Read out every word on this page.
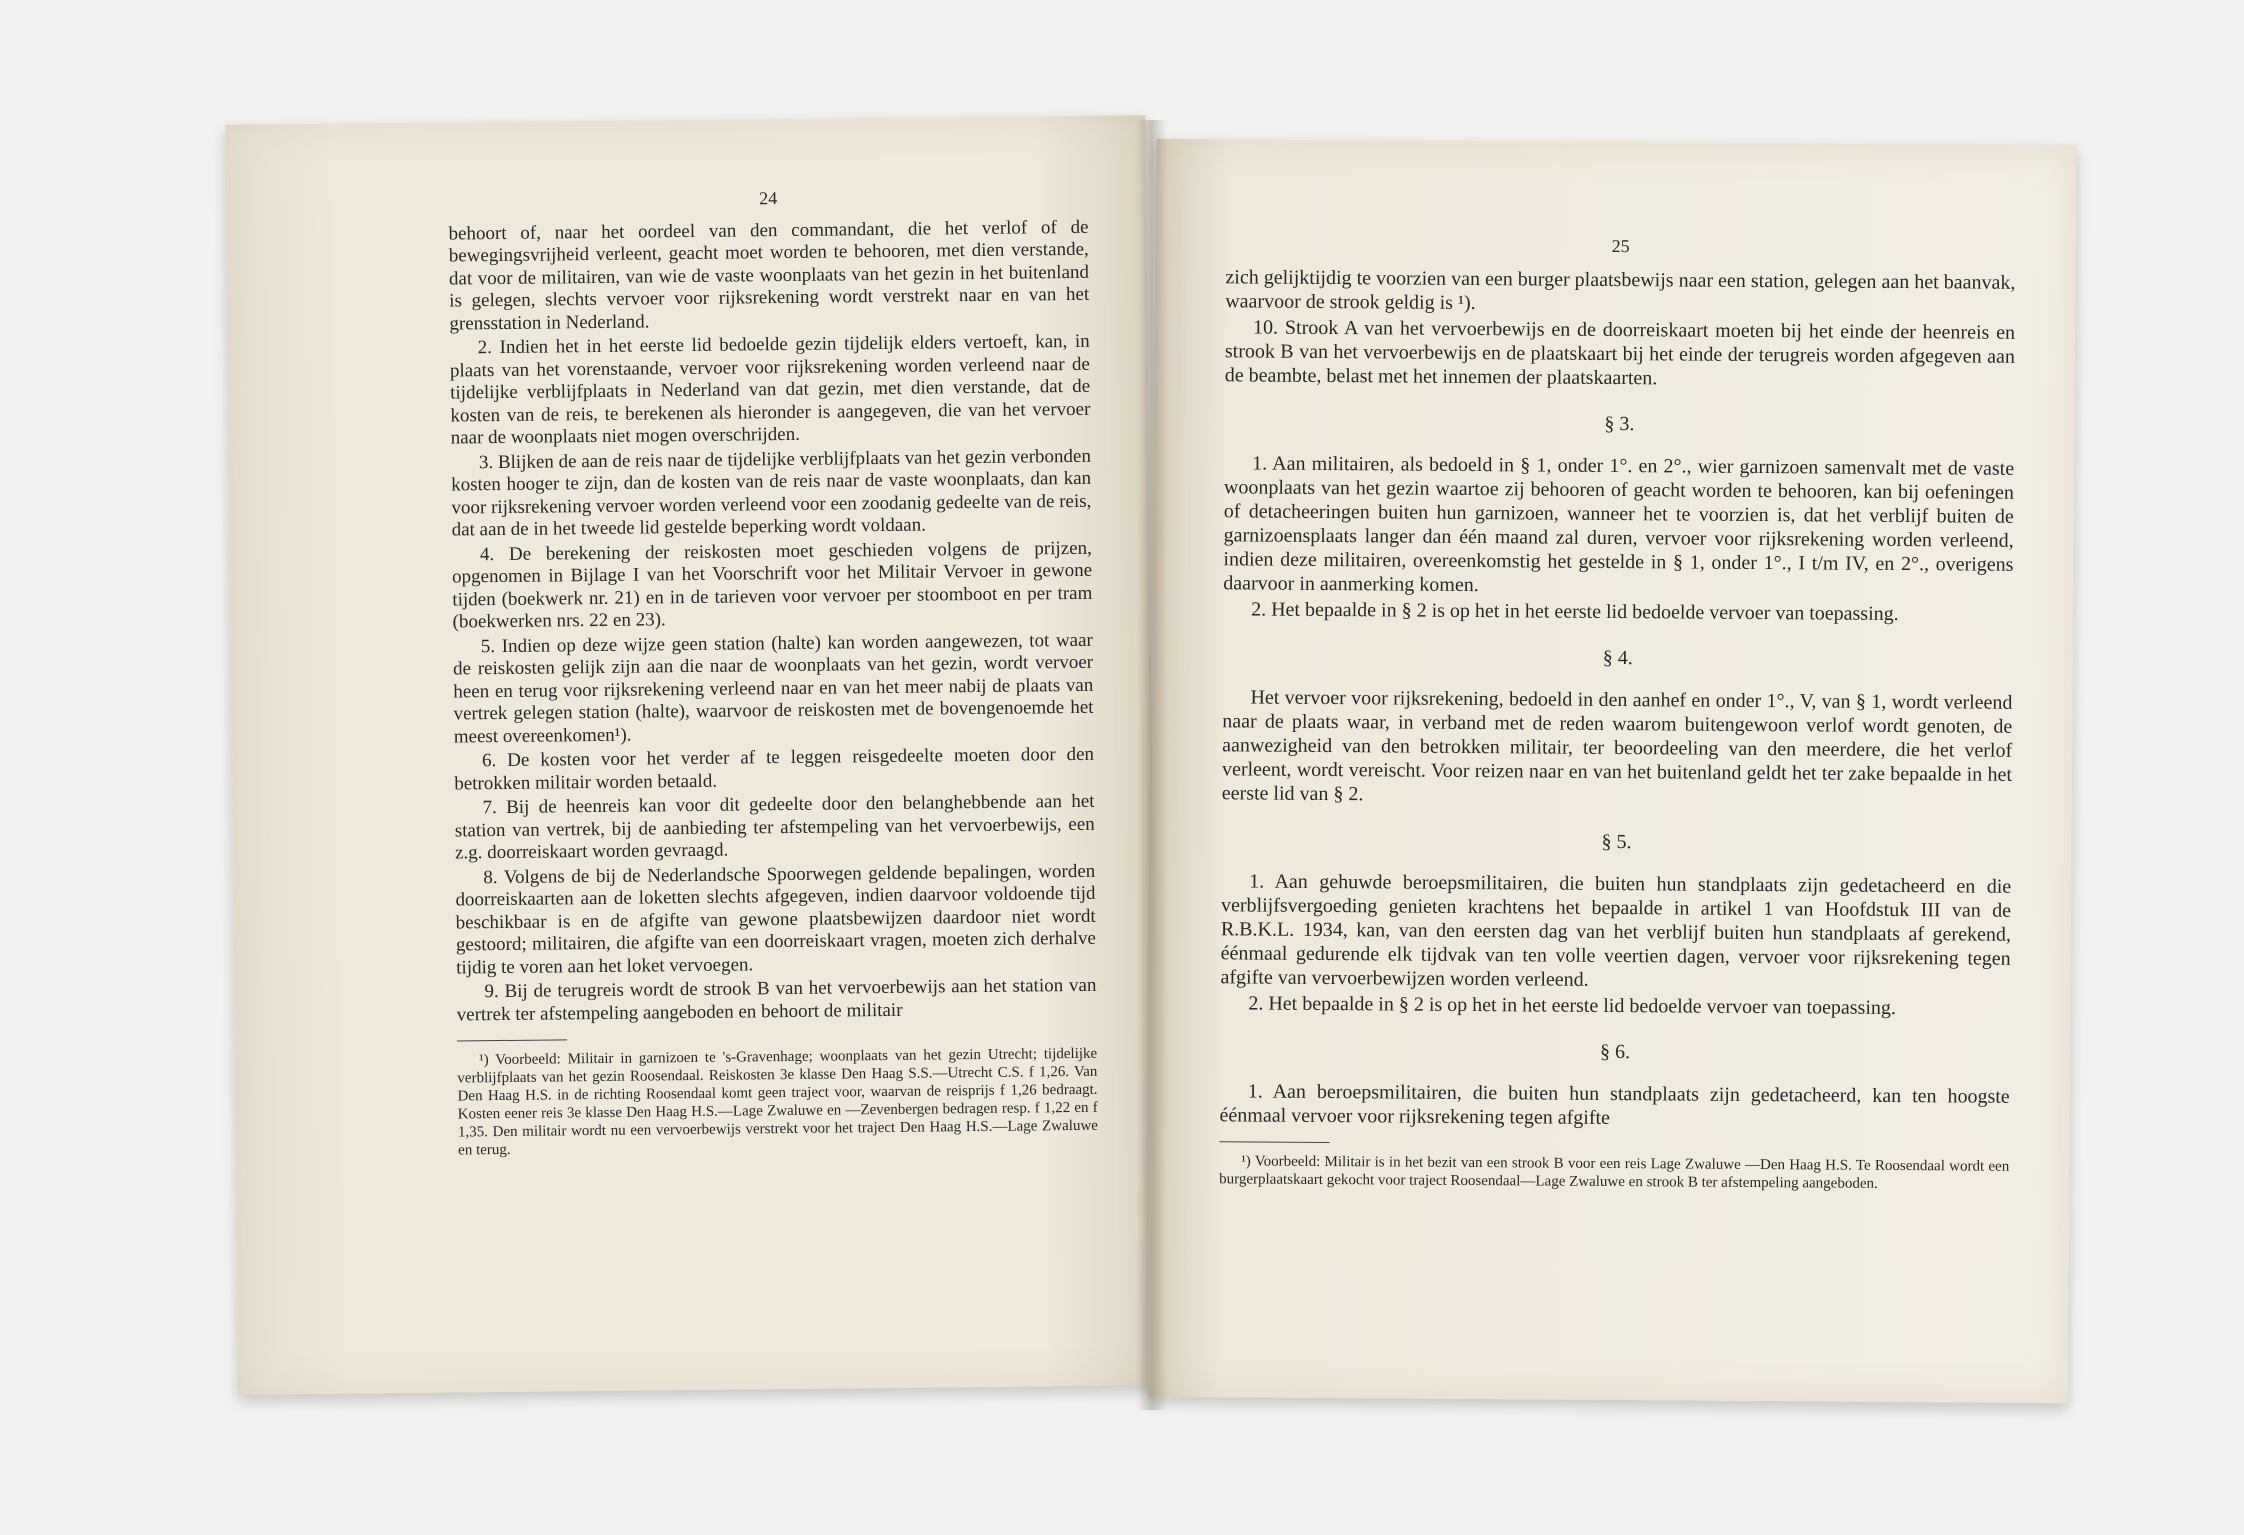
24

behoort of, naar het oordeel van den commandant, die het verlof of de bewegingsvrijheid verleent, geacht moet worden te behooren, met dien verstande, dat voor de militairen, van wie de vaste woonplaats van het gezin in het buitenland is gelegen, slechts vervoer voor rijksrekening wordt verstrekt naar en van het grensstation in Nederland.

2. Indien het in het eerste lid bedoelde gezin tijdelijk elders vertoeft, kan, in plaats van het vorenstaande, vervoer voor rijksrekening worden verleend naar de tijdelijke verblijfplaats in Nederland van dat gezin, met dien verstande, dat de kosten van de reis, te berekenen als hieronder is aangegeven, die van het vervoer naar de woonplaats niet mogen overschrijden.

3. Blijken de aan de reis naar de tijdelijke verblijfplaats van het gezin verbonden kosten hooger te zijn, dan de kosten van de reis naar de vaste woonplaats, dan kan voor rijksrekening vervoer worden verleend voor een zoodanig gedeelte van de reis, dat aan de in het tweede lid gestelde beperking wordt voldaan.

4. De berekening der reiskosten moet geschieden volgens de prijzen, opgenomen in Bijlage I van het Voorschrift voor het Militair Vervoer in gewone tijden (boekwerk nr. 21) en in de tarieven voor vervoer per stoomboot en per tram (boekwerken nrs. 22 en 23).

5. Indien op deze wijze geen station (halte) kan worden aangewezen, tot waar de reiskosten gelijk zijn aan die naar de woonplaats van het gezin, wordt vervoer heen en terug voor rijksrekening verleend naar en van het meer nabij de plaats van vertrek gelegen station (halte), waarvoor de reiskosten met de bovengenoemde het meest overeenkomen¹).

6. De kosten voor het verder af te leggen reisgedeelte moeten door den betrokken militair worden betaald.

7. Bij de heenreis kan voor dit gedeelte door den belanghebbende aan het station van vertrek, bij de aanbieding ter afstempeling van het vervoerbewijs, een z.g. doorreiskaart worden gevraagd.

8. Volgens de bij de Nederlandsche Spoorwegen geldende bepalingen, worden doorreiskaarten aan de loketten slechts afgegeven, indien daarvoor voldoende tijd beschikbaar is en de afgifte van gewone plaatsbewijzen daardoor niet wordt gestoord; militairen, die afgifte van een doorreiskaart vragen, moeten zich derhalve tijdig te voren aan het loket vervoegen.

9. Bij de terugreis wordt de strook B van het vervoerbewijs aan het station van vertrek ter afstempeling aangeboden en behoort de militair

¹) Voorbeeld: Militair in garnizoen te 's-Gravenhage; woonplaats van het gezin Utrecht; tijdelijke verblijfplaats van het gezin Roosendaal. Reiskosten 3e klasse Den Haag S.S.—Utrecht C.S. f 1,26. Van Den Haag H.S. in de richting Roosendaal komt geen traject voor, waarvan de reisprijs f 1,26 bedraagt. Kosten eener reis 3e klasse Den Haag H.S.—Lage Zwaluwe en —Zevenbergen bedragen resp. f 1,22 en f 1,35. Den militair wordt nu een vervoerbewijs verstrekt voor het traject Den Haag H.S.—Lage Zwaluwe en terug.

25

zich gelijktijdig te voorzien van een burger plaatsbewijs naar een station, gelegen aan het baanvak, waarvoor de strook geldig is ¹).

10. Strook A van het vervoerbewijs en de doorreiskaart moeten bij het einde der heenreis en strook B van het vervoerbewijs en de plaatskaart bij het einde der terugreis worden afgegeven aan de beambte, belast met het innemen der plaatskaarten.

§ 3.

1. Aan militairen, als bedoeld in § 1, onder 1°. en 2°., wier garnizoen samenvalt met de vaste woonplaats van het gezin waartoe zij behooren of geacht worden te behooren, kan bij oefeningen of detacheeringen buiten hun garnizoen, wanneer het te voorzien is, dat het verblijf buiten de garnizoensplaats langer dan één maand zal duren, vervoer voor rijksrekening worden verleend, indien deze militairen, overeenkomstig het gestelde in § 1, onder 1°., I t/m IV, en 2°., overigens daarvoor in aanmerking komen.

2. Het bepaalde in § 2 is op het in het eerste lid bedoelde vervoer van toepassing.

§ 4.

Het vervoer voor rijksrekening, bedoeld in den aanhef en onder 1°., V, van § 1, wordt verleend naar de plaats waar, in verband met de reden waarom buitengewoon verlof wordt genoten, de aanwezigheid van den betrokken militair, ter beoordeeling van den meerdere, die het verlof verleent, wordt vereischt. Voor reizen naar en van het buitenland geldt het ter zake bepaalde in het eerste lid van § 2.

§ 5.

1. Aan gehuwde beroepsmilitairen, die buiten hun standplaats zijn gedetacheerd en die verblijfsvergoeding genieten krachtens het bepaalde in artikel 1 van Hoofdstuk III van de R.B.K.L. 1934, kan, van den eersten dag van het verblijf buiten hun standplaats af gerekend, éénmaal gedurende elk tijdvak van ten volle veertien dagen, vervoer voor rijksrekening tegen afgifte van vervoerbewijzen worden verleend.

2. Het bepaalde in § 2 is op het in het eerste lid bedoelde vervoer van toepassing.

§ 6.

1. Aan beroepsmilitairen, die buiten hun standplaats zijn gedetacheerd, kan ten hoogste éénmaal vervoer voor rijksrekening tegen afgifte

¹) Voorbeeld: Militair is in het bezit van een strook B voor een reis Lage Zwaluwe —Den Haag H.S. Te Roosendaal wordt een burgerplaatskaart gekocht voor traject Roosendaal—Lage Zwaluwe en strook B ter afstempeling aangeboden.
